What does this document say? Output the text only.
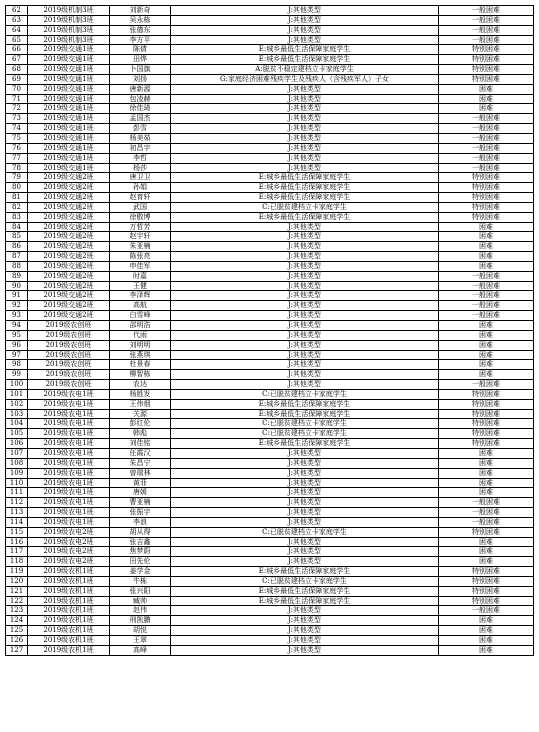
62	2019级机制3班	刘新奇	J:其他类型	一般困难
63	2019级机制3班	吴永栋	J:其他类型	一般困难
64	2019级机制3班	张德东	J:其他类型	一般困难
65	2019级机制3班	李方平	J:其他类型	一般困难
66	2019级交通1班	陈倩	E:城乡最低生活保障家庭学生	特别困难
67	2019级交通1班	田烨	E:城乡最低生活保障家庭学生	特别困难
68	2019级交通1班	卜国旗	A:脱贫不稳定建档立卡家庭学生	特别困难
69	2019级交通1班	刘扬	G:家庭经济困难残疾学生及残疾人（含残疾军人）子女	特别困难
70	2019级交通1班	唐新源	J:其他类型	困难
71	2019级交通1班	包凌赫	J:其他类型	困难
72	2019级交通1班	徐佳琦	J:其他类型	困难
73	2019级交通1班	孟国杰	J:其他类型	一般困难
74	2019级交通1班	彭雪	J:其他类型	一般困难
75	2019级交通1班	杨美茹	J:其他类型	一般困难
76	2019级交通1班	初昌宇	J:其他类型	一般困难
77	2019级交通1班	李哲	J:其他类型	一般困难
78	2019级交通1班	杨莎	J:其他类型	一般困难
79	2019级交通2班	唐卫卫	E:城乡最低生活保障家庭学生	特别困难
80	2019级交通2班	孙娟	E:城乡最低生活保障家庭学生	特别困难
81	2019级交通2班	赵育轩	E:城乡最低生活保障家庭学生	特别困难
82	2019级交通2班	武国	C:已脱贫建档立卡家庭学生	特别困难
83	2019级交通2班	徐敬博	E:城乡最低生活保障家庭学生	特别困难
84	2019级交通2班	万哲芳	J:其他类型	困难
85	2019级交通2班	赵宇轩	J:其他类型	困难
86	2019级交通2班	朱亚楠	J:其他类型	困难
87	2019级交通2班	陈张亮	J:其他类型	困难
88	2019级交通2班	申佳军	J:其他类型	困难
89	2019级交通2班	时嘉	J:其他类型	一般困难
90	2019级交通2班	王健	J:其他类型	一般困难
91	2019级交通2班	李泽辉	J:其他类型	一般困难
92	2019级交通2班	高航	J:其他类型	一般困难
93	2019级交通2班	白雪峰	J:其他类型	一般困难
94	2019级农创班	邵明浩	J:其他类型	困难
95	2019级农创班	代雨	J:其他类型	困难
96	2019级农创班	刘明明	J:其他类型	困难
97	2019级农创班	张燕琪	J:其他类型	困难
98	2019级农创班	杜景春	J:其他类型	困难
99	2019级农创班	柳智栋	J:其他类型	困难
100	2019级农创班	农达	J:其他类型	一般困难
101	2019级农电1班	杨胜发	C:已脱贫建档立卡家庭学生	特别困难
102	2019级农电1班	王伟烟	E:城乡最低生活保障家庭学生	特别困难
103	2019级农电1班	关源	E:城乡最低生活保障家庭学生	特别困难
104	2019级农电1班	彭红伦	C:已脱贫建档立卡家庭学生	特别困难
105	2019级农电1班	韩彪	C:已脱贫建档立卡家庭学生	特别困难
106	2019级农电1班	刘佳铭	E:城乡最低生活保障家庭学生	特别困难
107	2019级农电1班	任霞汉	J:其他类型	困难
108	2019级农电1班	朱昌宁	J:其他类型	困难
109	2019级农电1班	曾瑞林	J:其他类型	困难
110	2019级农电1班	黄菲	J:其他类型	困难
111	2019级农电1班	唐媛	J:其他类型	困难
112	2019级农电1班	曹亚楠	J:其他类型	一般困难
113	2019级农电1班	张振宇	J:其他类型	一般困难
114	2019级农电1班	李浪	J:其他类型	一般困难
115	2019级农电2班	胡从得	C:已脱贫建档立卡家庭学生	特别困难
116	2019级农电2班	张吉鑫	J:其他类型	困难
117	2019级农电2班	焦梦蔚	J:其他类型	困难
118	2019级农电2班	田先伦	J:其他类型	困难
119	2019级农机1班	姜学金	E:城乡最低生活保障家庭学生	特别困难
120	2019级农机1班	牛栋	C:已脱贫建档立卡家庭学生	特别困难
121	2019级农机1班	张兴阳	E:城乡最低生活保障家庭学生	特别困难
122	2019级农机1班	臧帅	E:城乡最低生活保障家庭学生	特别困难
123	2019级农机1班	赵伟	J:其他类型	一般困难
124	2019级农机1班	刑凯鹏	J:其他类型	困难
125	2019级农机1班	胡悦	J:其他类型	困难
126	2019级农机1班	王翠	J:其他类型	困难
127	2019级农机1班	高峰	J:其他类型	困难
